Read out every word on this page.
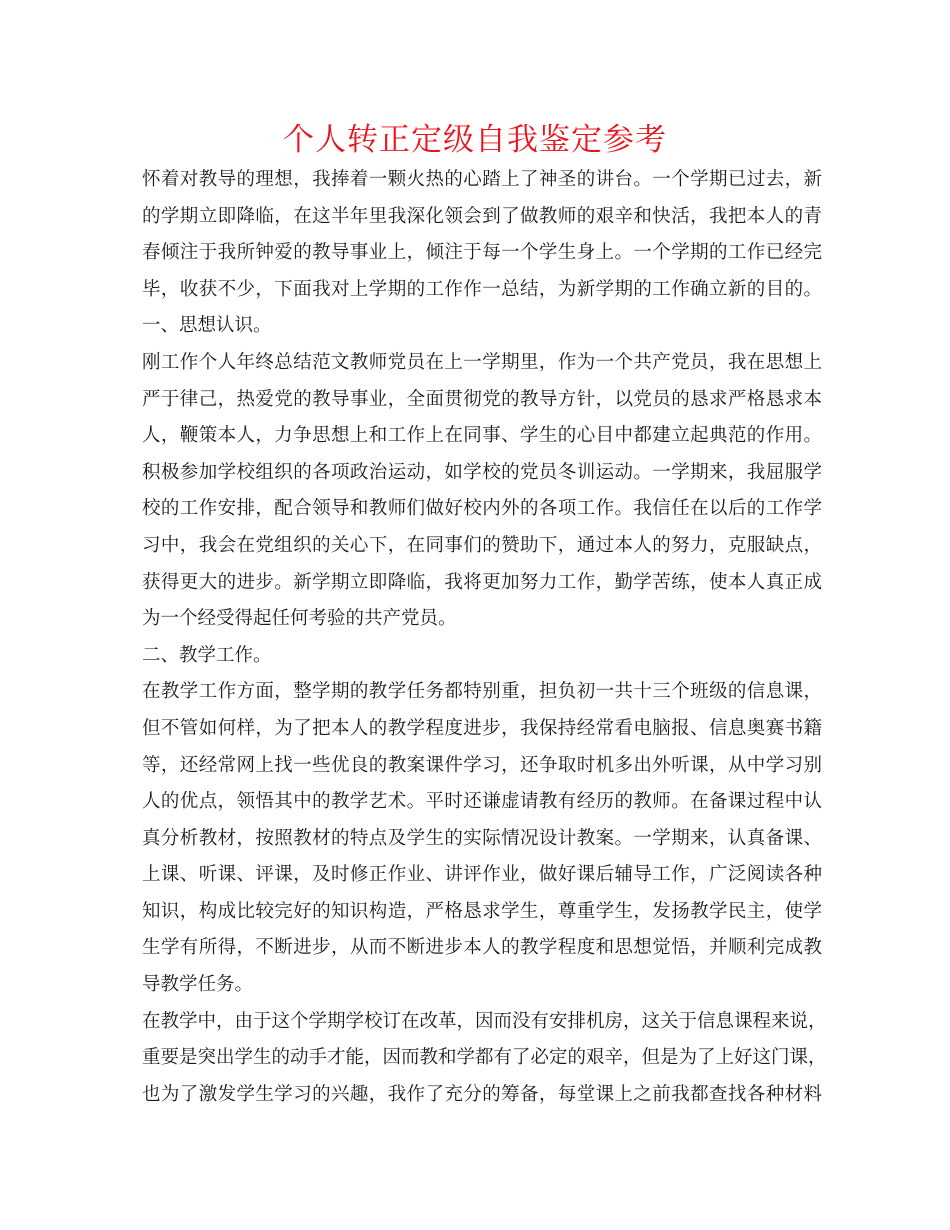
个人转正定级自我鉴定参考
怀着对教导的理想，我捧着一颗火热的心踏上了神圣的讲台。一个学期已过去，新
的学期立即降临，在这半年里我深化领会到了做教师的艰辛和快活，我把本人的青
春倾注于我所钟爱的教导事业上，倾注于每一个学生身上。一个学期的工作已经完
毕，收获不少，下面我对上学期的工作作一总结，为新学期的工作确立新的目的。
一、思想认识。
刚工作个人年终总结范文教师党员在上一学期里，作为一个共产党员，我在思想上
严于律己，热爱党的教导事业，全面贯彻党的教导方针，以党员的恳求严格恳求本
人，鞭策本人，力争思想上和工作上在同事、学生的心目中都建立起典范的作用。
积极参加学校组织的各项政治运动，如学校的党员冬训运动。一学期来，我屈服学
校的工作安排，配合领导和教师们做好校内外的各项工作。我信任在以后的工作学
习中，我会在党组织的关心下，在同事们的赞助下，通过本人的努力，克服缺点，
获得更大的进步。新学期立即降临，我将更加努力工作，勤学苦练，使本人真正成
为一个经受得起任何考验的共产党员。
二、教学工作。
在教学工作方面，整学期的教学任务都特别重，担负初一共十三个班级的信息课，
但不管如何样，为了把本人的教学程度进步，我保持经常看电脑报、信息奥赛书籍
等，还经常网上找一些优良的教案课件学习，还争取时机多出外听课，从中学习别
人的优点，领悟其中的教学艺术。平时还谦虚请教有经历的教师。在备课过程中认
真分析教材，按照教材的特点及学生的实际情况设计教案。一学期来，认真备课、
上课、听课、评课，及时修正作业、讲评作业，做好课后辅导工作，广泛阅读各种
知识，构成比较完好的知识构造，严格恳求学生，尊重学生，发扬教学民主，使学
生学有所得，不断进步，从而不断进步本人的教学程度和思想觉悟，并顺利完成教
导教学任务。
在教学中，由于这个学期学校订在改革，因而没有安排机房，这关于信息课程来说，
重要是突出学生的动手才能，因而教和学都有了必定的艰辛，但是为了上好这门课，
也为了激发学生学习的兴趣，我作了充分的筹备，每堂课上之前我都查找各种材料
